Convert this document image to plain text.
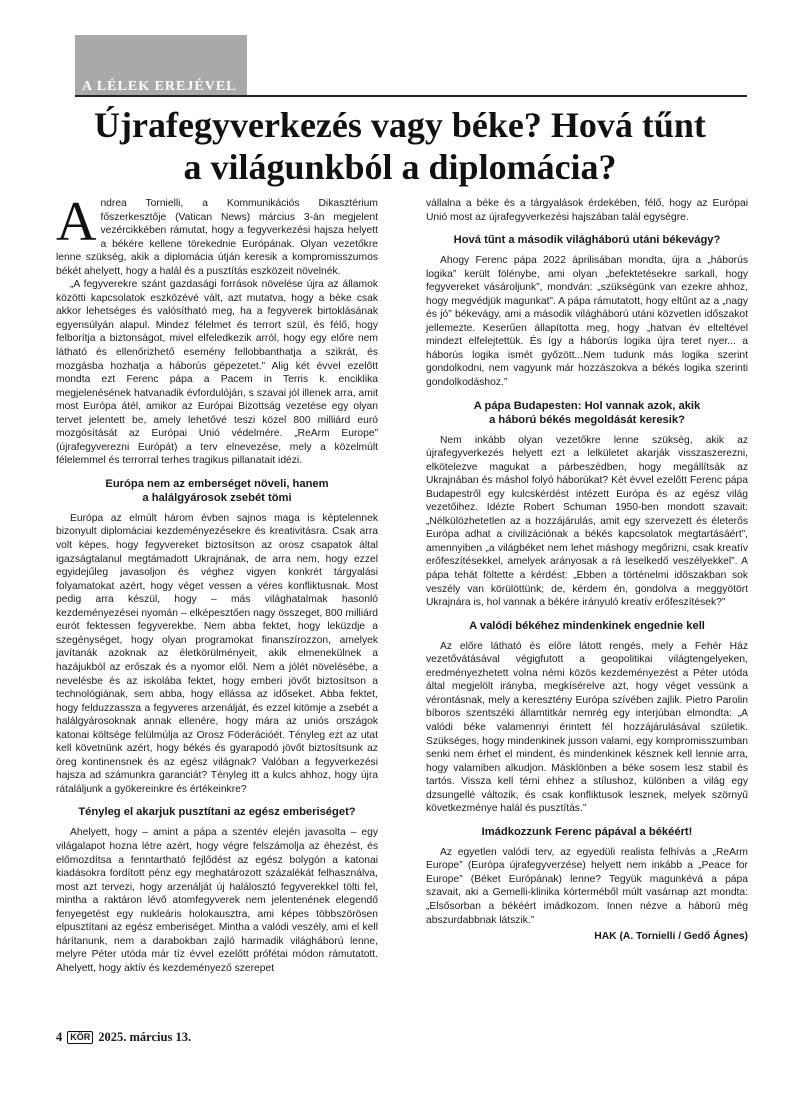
A LÉLEK EREJÉVEL
Újrafegyverkezés vagy béke? Hová tűnt
a világunkból a diplomácia?

Andrea Tornielli, a Kommunikációs Dikasztérium főszerkesztője (Vatican News) március 3-án megjelent vezércikkében rámutat, hogy a fegyverkezési hajsza helyett a békére kellene törekednie Európának. Olyan vezetőkre lenne szükség, akik a diplomácia útján keresik a kompromisszumos békét ahelyett, hogy a halál és a pusztítás eszközeit növelnék.

„A fegyverekre szánt gazdasági források növelése újra az államok közötti kapcsolatok eszközévé vált, azt mutatva, hogy a béke csak akkor lehetséges és valósítható meg, ha a fegyverek birtoklásának egyensúlyán alapul. Mindez félelmet és terrort szül, és félő, hogy felborítja a biztonságot, mivel elfeledkezik arról, hogy egy előre nem látható és ellenőrizhető esemény fellobbanthatja a szikrát, és mozgásba hozhatja a háborús gépezetet.” Alig két évvel ezelőtt mondta ezt Ferenc pápa a Pacem in Terris k. enciklika megjelenésének hatvanadik évfordulóján, s szavai jól illenek arra, amit most Európa átél, amikor az Európai Bizottság vezetése egy olyan tervet jelentett be, amely lehetővé teszi közel 800 milliárd euró mozgósítását az Európai Unió védelmére. „ReArm Europe” (újrafegyverezni Európát) a terv elnevezése, mely a közelmúlt félelemmel és terrorral terhes tragikus pillanatait idézi.

Európa nem az emberséget növeli, hanem
a halálgyárosok zsebét tömi

Európa az elmúlt három évben sajnos maga is képtelennek bizonyult diplomáciai kezdeményezésekre és kreativitásra. Csak arra volt képes, hogy fegyvereket biztosítson az orosz csapatok által igazságtalanul megtámadott Ukrajnának, de arra nem, hogy ezzel egyidejűleg javasoljon és véghez vigyen konkrét tárgyalási folyamatokat azért, hogy véget vessen a véres konfliktusnak. Most pedig arra készül, hogy – más világhatalmak hasonló kezdeményezései nyomán – elképesztően nagy összeget, 800 milliárd eurót fektessen fegyverekbe. Nem abba fektet, hogy leküzdje a szegénységet, hogy olyan programokat finanszírozzon, amelyek javítanák azoknak az életkörülményeit, akik elmenekülnek a hazájukból az erőszak és a nyomor elől. Nem a jólét növelésébe, a nevelésbe és az iskolába fektet, hogy emberi jövőt biztosítson a technológiának, sem abba, hogy ellássa az időseket. Abba fektet, hogy felduzzassza a fegyveres arzenálját, és ezzel kitömje a zsebét a halálgyárosoknak annak ellenére, hogy mára az uniós országok katonai költsége felülmúlja az Orosz Föderációét. Tényleg ezt az utat kell követnünk azért, hogy békés és gyarapodó jövőt biztosítsunk az öreg kontinensnek és az egész világnak? Valóban a fegyverkezési hajsza ad számunkra garanciát? Tényleg itt a kulcs ahhoz, hogy újra rátaláljunk a gyökereinkre és értékeinkre?

Tényleg el akarjuk pusztítani az egész emberiséget?

Ahelyett, hogy – amint a pápa a szentév elején javasolta – egy világalapot hozna létre azért, hogy végre felszámolja az éhezést, és előmozdítsa a fenntartható fejlődést az egész bolygón a katonai kiadásokra fordított pénz egy meghatározott százalékát felhasználva, most azt tervezi, hogy arzenálját új halálosztó fegyverekkel tölti fel, mintha a raktáron lévő atomfegyverek nem jelentenének elegendő fenyegetést egy nukleáris holokausztra, ami képes többszörösen elpusztítani az egész emberiséget. Mintha a valódi veszély, ami el kell hárítanunk, nem a darabokban zajló harmadik világháború lenne, melyre Péter utóda már tíz évvel ezelőtt prófétai módon rámutatott. Ahelyett, hogy aktív és kezdeményező szerepet

vállalna a béke és a tárgyalások érdekében, félő, hogy az Európai Unió most az újrafegyverkezési hajszában talál egységre.

Hová tűnt a második világháború utáni békevágy?

Ahogy Ferenc pápa 2022 áprilisában mondta, újra a „háborús logika” került fölénybe, ami olyan „befektetésekre sarkall, hogy fegyvereket vásároljunk”, mondván: „szükségünk van ezekre ahhoz, hogy megvédjük magunkat”. A pápa rámutatott, hogy eltűnt az a „nagy és jó” békevágy, ami a második világháború utáni közvetlen időszakot jellemezte. Keserűen állapította meg, hogy „hatvan év elteltével mindezt elfelejtettük. És így a háborús logika újra teret nyer... a háborús logika ismét győzött...Nem tudunk más logika szerint gondolkodni, nem vagyunk már hozzászokva a békés logika szerinti gondolkodáshoz.”

A pápa Budapesten: Hol vannak azok, akik
a háború békés megoldását keresik?

Nem inkább olyan vezetőkre lenne szükség, akik az újrafegyverkezés helyett ezt a lelkületet akarják visszaszerezni, elkötelezve magukat a párbeszédben, hogy megállítsák az Ukrajnában és máshol folyó háborúkat? Két évvel ezelőtt Ferenc pápa Budapestről egy kulcskérdést intézett Európa és az egész világ vezetőihez. Idézte Robert Schuman 1950-ben mondott szavait: „Nélkülözhetetlen az a hozzájárulás, amit egy szervezett és életerős Európa adhat a civilizációnak a békés kapcsolatok megtartásáért”, amennyiben „a világbéket nem lehet máshogy megőrizni, csak kreatív erőfeszítésekkel, amelyek arányosak a rá leselkedő veszélyekkel”. A pápa tehát föltette a kérdést: „Ebben a történelmi időszakban sok veszély van körülöttünk; de, kérdem én, gondolva a meggyötört Ukrajnára is, hol vannak a békére irányuló kreatív erőfeszítések?”

A valódi békéhez mindenkinek engednie kell

Az előre látható és előre látott rengés, mely a Fehér Ház vezetővátásával végigfutott a geopolitikai világtengelyeken, eredményezhetett volna némi közös kezdeményezést a Péter utóda által megjelölt irányba, megkísérelve azt, hogy véget vessünk a vérontásnak, mely a keresztény Európa szívében zajlik. Pietro Parolin bíboros szentszéki államtitkár nemrég egy interjúban elmondta: „A valódi béke valamennyi érintett fél hozzájárulásával születik. Szükséges, hogy mindenkinek jusson valami, egy kompromisszumban senki nem érhet el mindent, és mindenkinek késznek kell lennie arra, hogy valamiben alkudjon. Másklönben a béke sosem lesz stabil és tartós. Vissza kell térni ehhez a stílushoz, különben a világ egy dzsungellé változik, és csak konfliktusok lesznek, melyek szörnyű következménye halál és pusztítás.”

Imádkozzunk Ferenc pápával a békéért!

Az egyetlen valódi terv, az egyedüli realista felhívás a „ReArm Europe” (Európa újrafegyverzése) helyett nem inkább a „Peace for Europe” (Béket Európának) lenne? Tegyük magunkévá a pápa szavait, aki a Gemelli-klinika kórterméből múlt vasárnap azt mondta: „Elsősorban a békéért imádkozom. Innen nézve a háború még abszurdabbnak látszik.”

HAK (A. Tornielli / Gedő Ágnes)
4 KÖR 2025. március 13.
